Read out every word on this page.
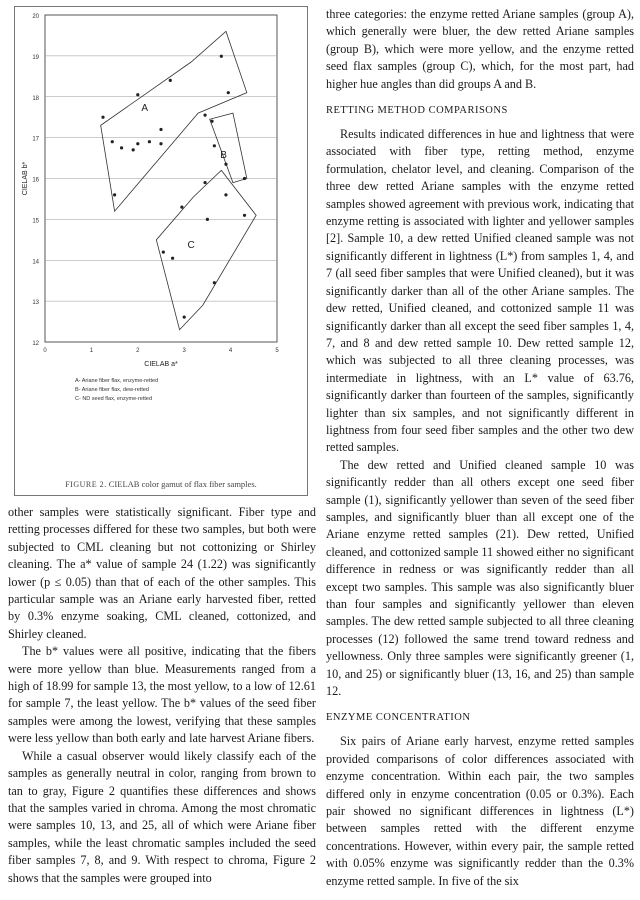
12
13
14
15
16
17
18
19
20
0	1	2	3	4	5
CIELAB a*
CIELAB b*
A
B
C
A- Ariane fiber flax, enzyme-retted
B- Ariane fiber flax, dew-retted
C- ND seed flax, enzyme-retted
FIGURE 2. CIELAB color gamut of flax fiber samples.

other samples were statistically significant. Fiber type and retting processes differed for these two samples, but both were subjected to CML cleaning but not cottonizing or Shirley cleaning. The a* value of sample 24 (1.22) was significantly lower (p ≤ 0.05) than that of each of the other samples. This particular sample was an Ariane early harvested fiber, retted by 0.3% enzyme soaking, CML cleaned, cottonized, and Shirley cleaned.

The b* values were all positive, indicating that the fibers were more yellow than blue. Measurements ranged from a high of 18.99 for sample 13, the most yellow, to a low of 12.61 for sample 7, the least yellow. The b* values of the seed fiber samples were among the lowest, verifying that these samples were less yellow than both early and late harvest Ariane fibers.

While a casual observer would likely classify each of the samples as generally neutral in color, ranging from brown to tan to gray, Figure 2 quantifies these differences and shows that the samples varied in chroma. Among the most chromatic were samples 10, 13, and 25, all of which were Ariane fiber samples, while the least chromatic samples included the seed fiber samples 7, 8, and 9. With respect to chroma, Figure 2 shows that the samples were grouped into

three categories: the enzyme retted Ariane samples (group A), which generally were bluer, the dew retted Ariane samples (group B), which were more yellow, and the enzyme retted seed flax samples (group C), which, for the most part, had higher hue angles than did groups A and B.

RETTING METHOD COMPARISONS

Results indicated differences in hue and lightness that were associated with fiber type, retting method, enzyme formulation, chelator level, and cleaning. Comparison of the three dew retted Ariane samples with the enzyme retted samples showed agreement with previous work, indicating that enzyme retting is associated with lighter and yellower samples [2]. Sample 10, a dew retted Unified cleaned sample was not significantly different in lightness (L*) from samples 1, 4, and 7 (all seed fiber samples that were Unified cleaned), but it was significantly darker than all of the other Ariane samples. The dew retted, Unified cleaned, and cottonized sample 11 was significantly darker than all except the seed fiber samples 1, 4, 7, and 8 and dew retted sample 10. Dew retted sample 12, which was subjected to all three cleaning processes, was intermediate in lightness, with an L* value of 63.76, significantly darker than fourteen of the samples, significantly lighter than six samples, and not significantly different in lightness from four seed fiber samples and the other two dew retted samples.

The dew retted and Unified cleaned sample 10 was significantly redder than all others except one seed fiber sample (1), significantly yellower than seven of the seed fiber samples, and significantly bluer than all except one of the Ariane enzyme retted samples (21). Dew retted, Unified cleaned, and cottonized sample 11 showed either no significant difference in redness or was significantly redder than all except two samples. This sample was also significantly bluer than four samples and significantly yellower than eleven samples. The dew retted sample subjected to all three cleaning processes (12) followed the same trend toward redness and yellowness. Only three samples were significantly greener (1, 10, and 25) or significantly bluer (13, 16, and 25) than sample 12.

ENZYME CONCENTRATION

Six pairs of Ariane early harvest, enzyme retted samples provided comparisons of color differences associated with enzyme concentration. Within each pair, the two samples differed only in enzyme concentration (0.05 or 0.3%). Each pair showed no significant differences in lightness (L*) between samples retted with the different enzyme concentrations. However, within every pair, the sample retted with 0.05% enzyme was significantly redder than the 0.3% enzyme retted sample. In five of the six
